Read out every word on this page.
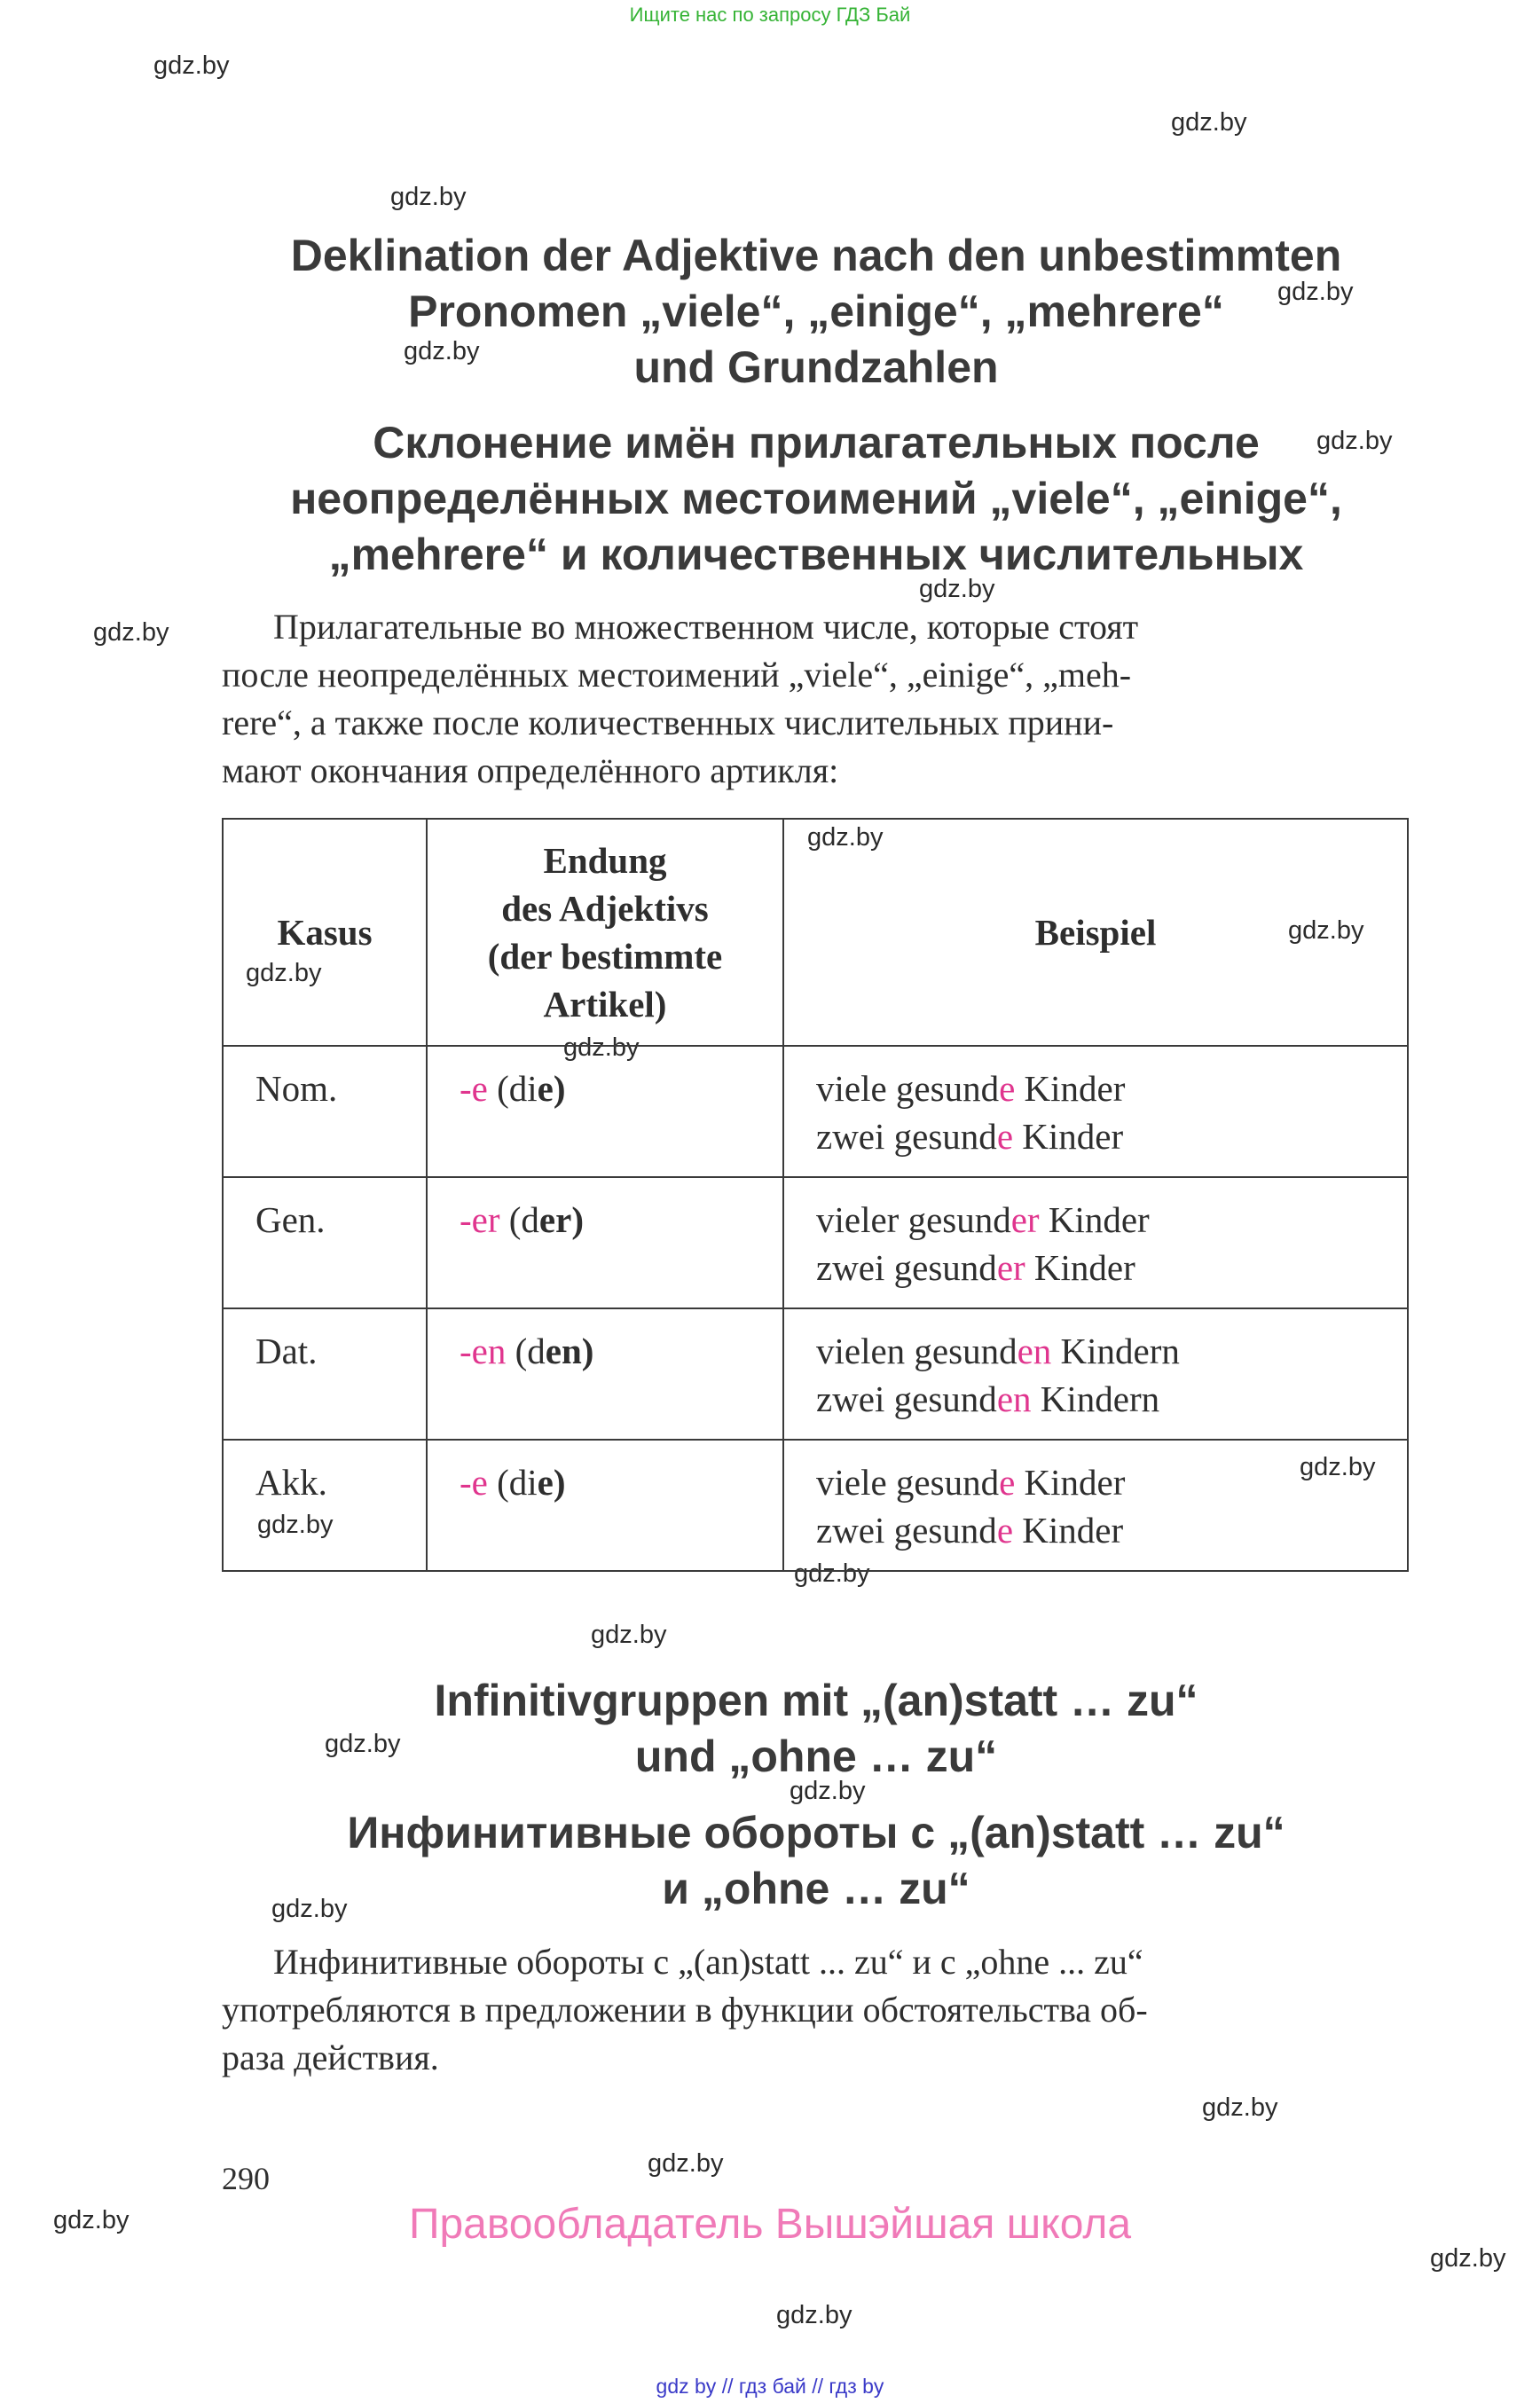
Ищите нас по запросу ГДЗ Бай
gdz.by
gdz.by
gdz.by
gdz.by
gdz.by
gdz.by
gdz.by
gdz.by
gdz.by
gdz.by
gdz.by
gdz.by
gdz.by
gdz.by
gdz.by
gdz.by
gdz.by
gdz.by
gdz.by
gdz.by
gdz.by
gdz.by
gdz.by
gdz.by
Deklination der Adjektive nach den unbestimmten
Pronomen „viele“, „einige“, „mehrere“
und Grundzahlen
Склонение имён прилагательных после
неопределённых местоимений „viele“, „einige“,
„mehrere“ и количественных числительных
Прилагательные во множественном числе, которые стоят
после неопределённых местоимений „viele“, „einige“, „meh-
rere“, а также после количественных числительных прини-
мают окончания определённого артикля:
Kasus	Endung
des Adjektivs
(der bestimmte
Artikel)	Beispiel
Nom.	-e (die)	viele gesunde Kinder
zwei gesunde Kinder

Gen.	-er (der)	vieler gesunder Kinder
zwei gesunder Kinder

Dat.	-en (den)	vielen gesunden Kindern
zwei gesunden Kindern

Akk.	-e (die)	viele gesunde Kinder
zwei gesunde Kinder
Infinitivgruppen mit „(an)statt … zu“
und „ohne … zu“
Инфинитивные обороты с „(an)statt … zu“
и „ohne … zu“
Инфинитивные обороты с „(an)statt ... zu“ и с „ohne ... zu“
употребляются в предложении в функции обстоятельства об-
раза действия.
290
Правообладатель Вышэйшая школа
gdz by // гдз бай // гдз by
